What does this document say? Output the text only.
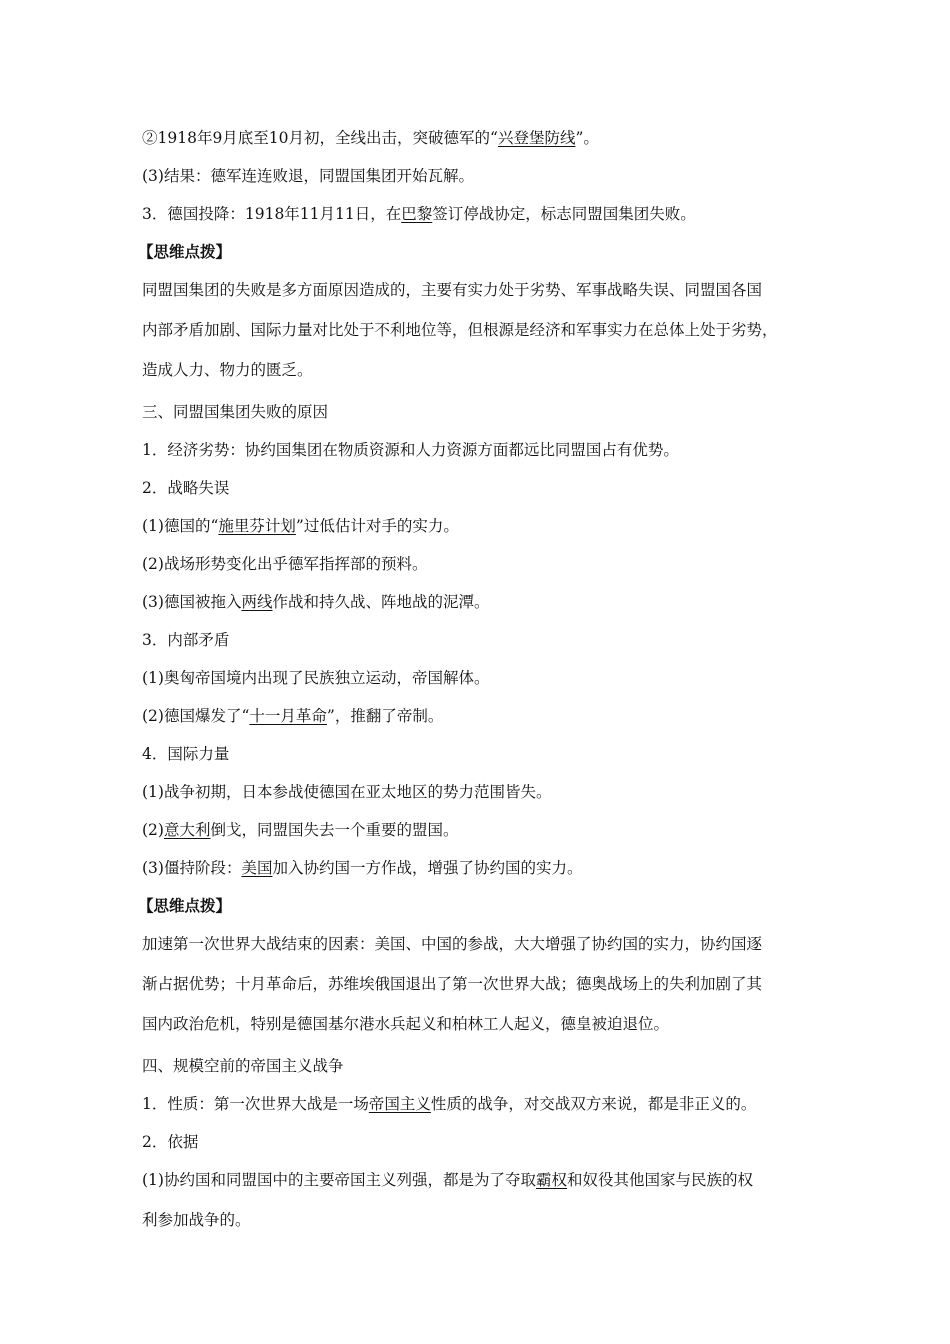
②1918年9月底至10月初，全线出击，突破德军的“兴登堡防线”。
(3)结果：德军连连败退，同盟国集团开始瓦解。
3．德国投降：1918年11月11日，在巴黎签订停战协定，标志同盟国集团失败。
【思维点拨】
同盟国集团的失败是多方面原因造成的，主要有实力处于劣势、军事战略失误、同盟国各国
内部矛盾加剧、国际力量对比处于不利地位等，但根源是经济和军事实力在总体上处于劣势，
造成人力、物力的匮乏。
三、同盟国集团失败的原因
1．经济劣势：协约国集团在物质资源和人力资源方面都远比同盟国占有优势。
2．战略失误
(1)德国的“施里芬计划”过低估计对手的实力。
(2)战场形势变化出乎德军指挥部的预料。
(3)德国被拖入两线作战和持久战、阵地战的泥潭。
3．内部矛盾
(1)奥匈帝国境内出现了民族独立运动，帝国解体。
(2)德国爆发了“十一月革命”，推翻了帝制。
4．国际力量
(1)战争初期，日本参战使德国在亚太地区的势力范围皆失。
(2)意大利倒戈，同盟国失去一个重要的盟国。
(3)僵持阶段：美国加入协约国一方作战，增强了协约国的实力。
【思维点拨】
加速第一次世界大战结束的因素：美国、中国的参战，大大增强了协约国的实力，协约国逐
渐占据优势；十月革命后，苏维埃俄国退出了第一次世界大战；德奥战场上的失利加剧了其
国内政治危机，特别是德国基尔港水兵起义和柏林工人起义，德皇被迫退位。
四、规模空前的帝国主义战争
1．性质：第一次世界大战是一场帝国主义性质的战争，对交战双方来说，都是非正义的。
2．依据
(1)协约国和同盟国中的主要帝国主义列强，都是为了夺取霸权和奴役其他国家与民族的权
利参加战争的。
